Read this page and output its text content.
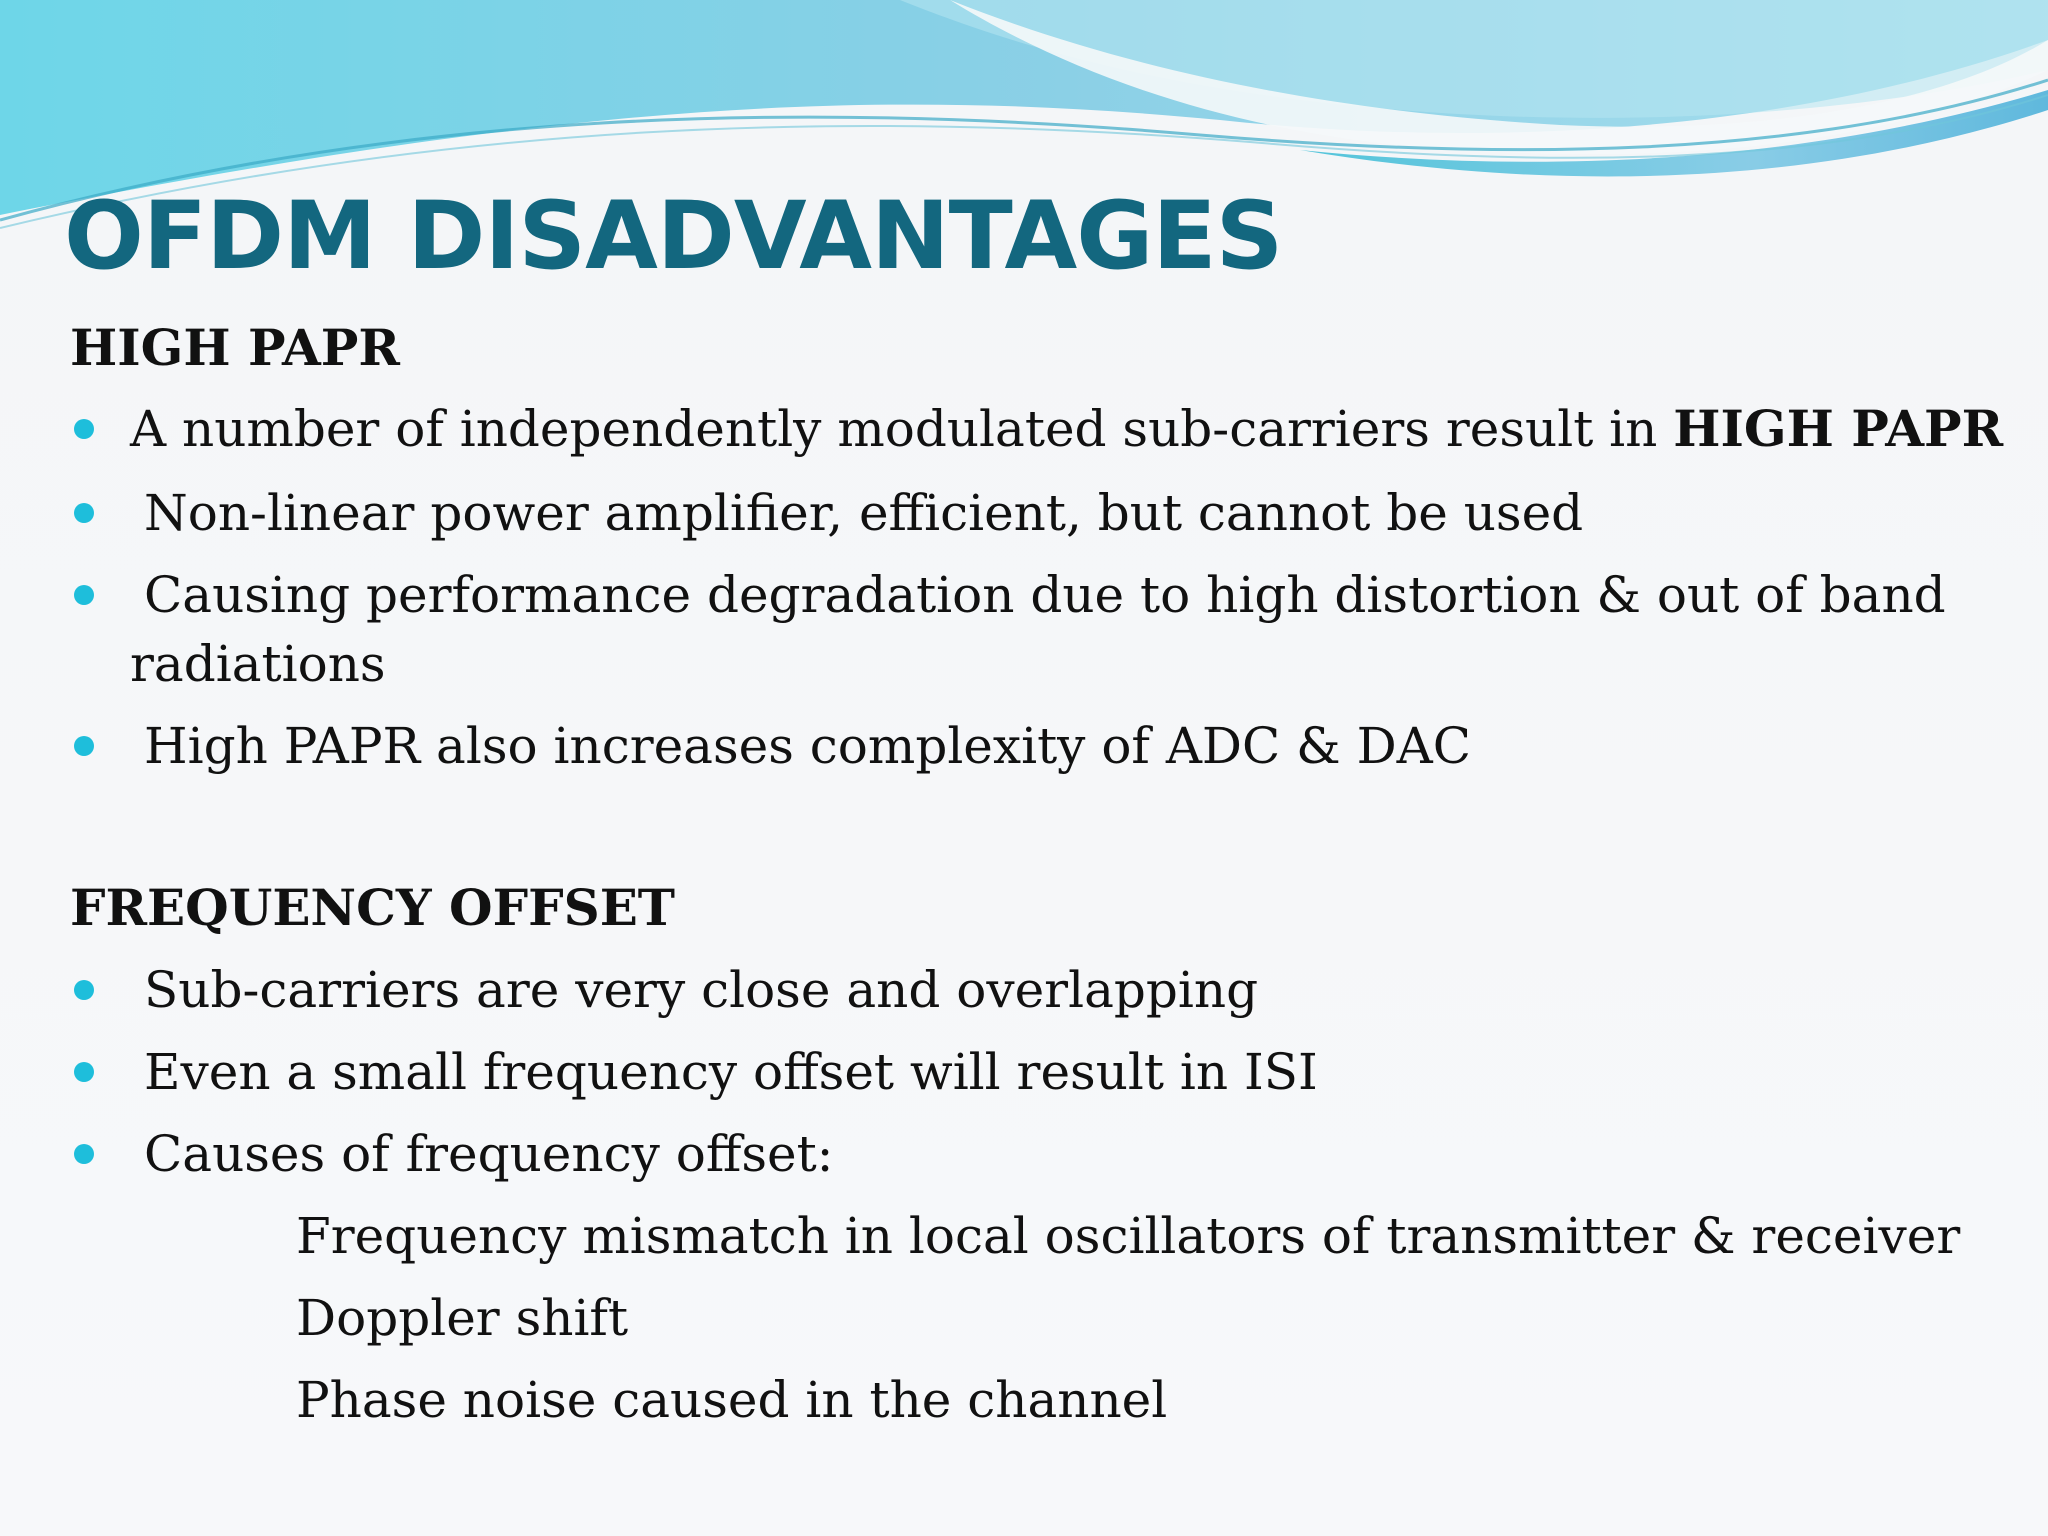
OFDM DISADVANTAGES
HIGH PAPR

A number of independently modulated sub-carriers result in HIGH PAPR

Non-linear power amplifier, efficient, but cannot be used

Causing performance degradation due to high distortion & out of band

radiations

High PAPR also increases complexity of ADC & DAC

FREQUENCY OFFSET

Sub-carriers are very close and overlapping

Even a small frequency offset will result in ISI

Causes of frequency offset:

Frequency mismatch in local oscillators of transmitter & receiver

Doppler shift

Phase noise caused in the channel
